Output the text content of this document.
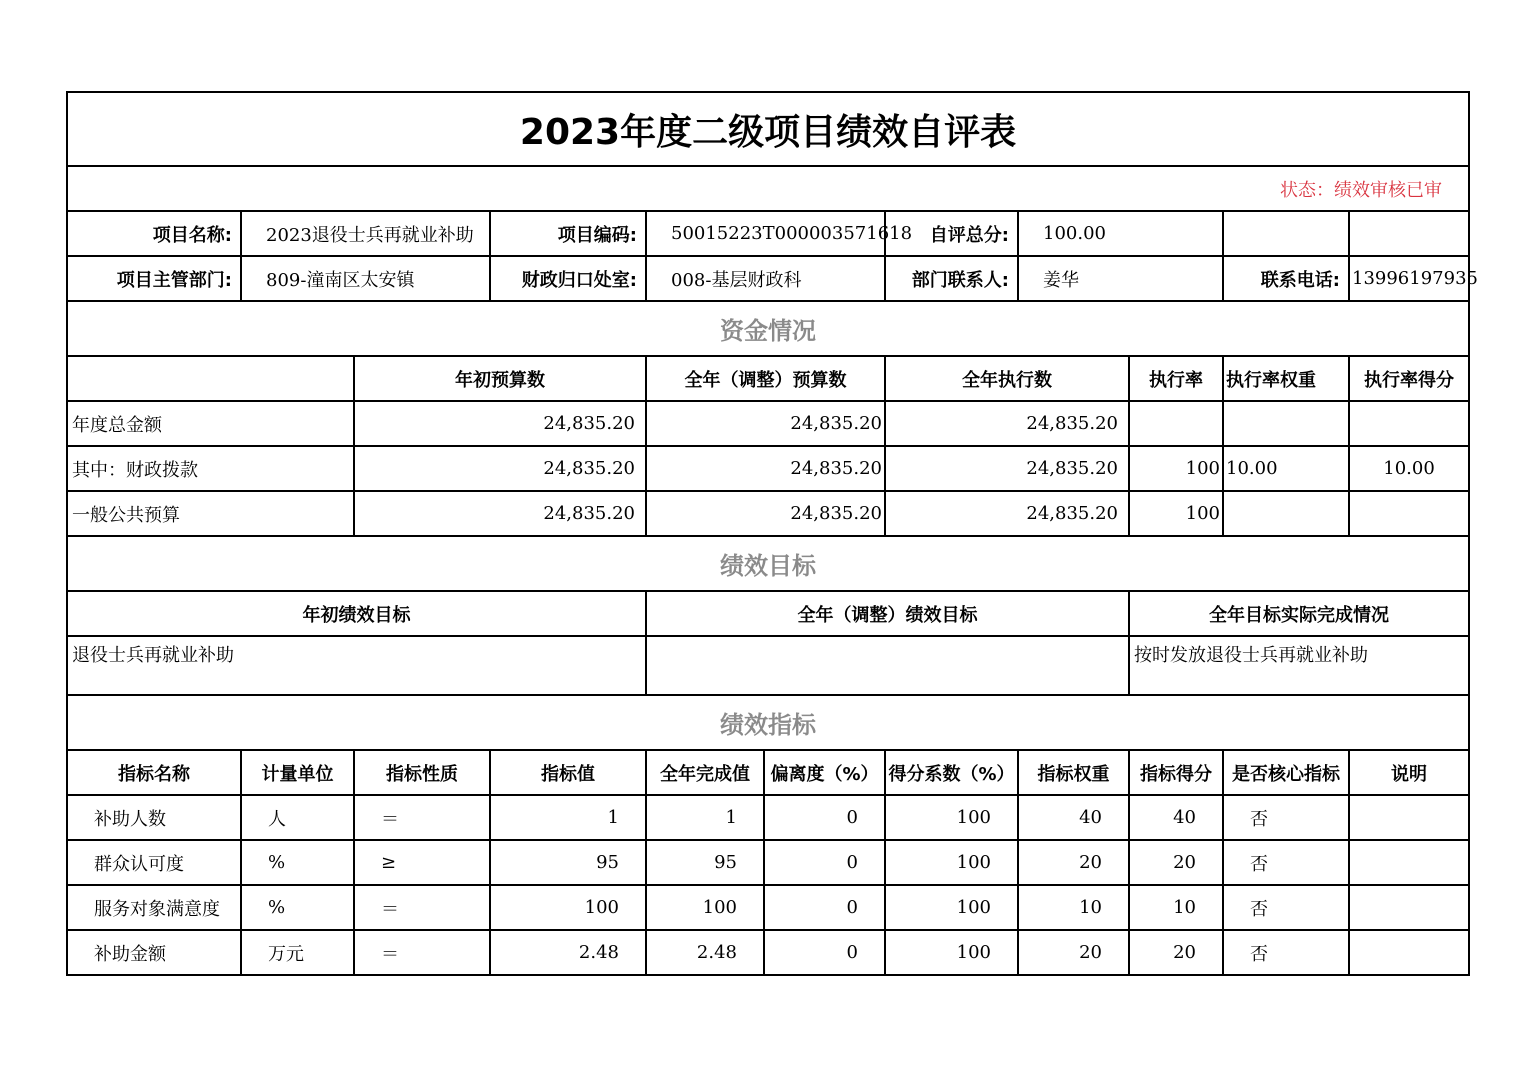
2023年度二级项目绩效自评表										
状态：绩效审核已审										
项目名称:	2023退役士兵再就业补助		项目编码:	50015223T000003571618		自评总分:	100.00			
项目主管部门:	809-潼南区太安镇		财政归口处室:	008-基层财政科		部门联系人:	姜华		联系电话:	13996197935
资金情况										
		年初预算数		全年（调整）预算数		全年执行数		执行率	执行率权重	执行率得分
年度总金额		24,835.20		24,835.20		24,835.20				
其中：财政拨款		24,835.20		24,835.20		24,835.20		100	10.00	10.00
一般公共预算		24,835.20		24,835.20		24,835.20		100		
绩效目标										
年初绩效目标				全年（调整）绩效目标				全年目标实际完成情况		
退役士兵再就业补助								按时发放退役士兵再就业补助		
绩效指标										
指标名称	计量单位	指标性质	指标值	全年完成值	偏离度（%）	得分系数（%）	指标权重	指标得分	是否核心指标	说明
补助人数	人	＝	1	1	0	100	40	40	否	
群众认可度	%	≥	95	95	0	100	20	20	否	
服务对象满意度	%	＝	100	100	0	100	10	10	否	
补助金额	万元	＝	2.48	2.48	0	100	20	20	否	
